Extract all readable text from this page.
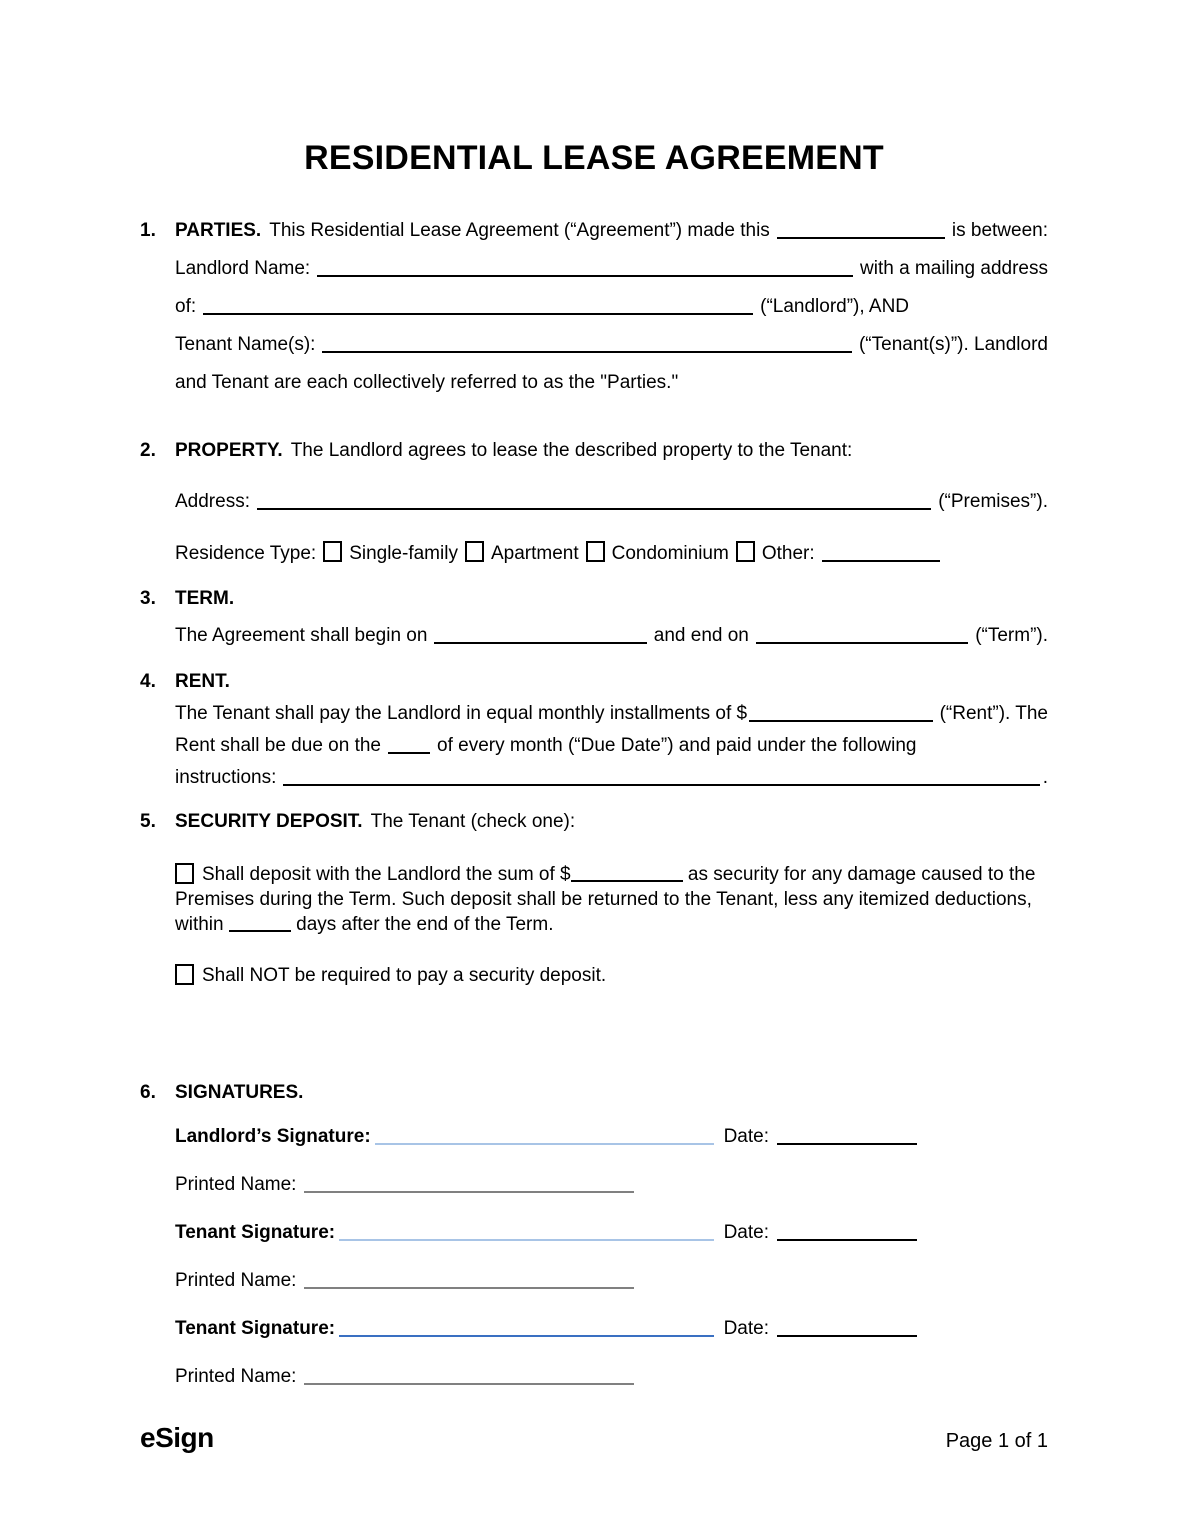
RESIDENTIAL LEASE AGREEMENT
1.	PARTIES. This Residential Lease Agreement (“Agreement”) made this	is between:
Landlord Name:	with a mailing address
of:	(“Landlord”), AND
Tenant Name(s):	(“Tenant(s)”). Landlord
and Tenant are each collectively referred to as the "Parties."
2.	PROPERTY. The Landlord agrees to lease the described property to the Tenant:
Address:	(“Premises”).
Residence Type: Single-family Apartment Condominium Other:
3.	TERM.
The Agreement shall begin on	and end on	(“Term”).
4.	RENT.
The Tenant shall pay the Landlord in equal monthly installments of $	(“Rent”). The
Rent shall be due on the	of every month (“Due Date”) and paid under the following
instructions:	.
5.	SECURITY DEPOSIT. The Tenant (check one):

Shall deposit with the Landlord the sum of $	as security for any damage caused to the Premises during the Term. Such deposit shall be returned to the Tenant, less any itemized deductions, within	days after the end of the Term.

Shall NOT be required to pay a security deposit.

6.	SIGNATURES.
Landlord’s Signature:	Date:
Printed Name:
Tenant Signature:	Date:
Printed Name:
Tenant Signature:	Date:
Printed Name:
eSign	Page 1 of 1
